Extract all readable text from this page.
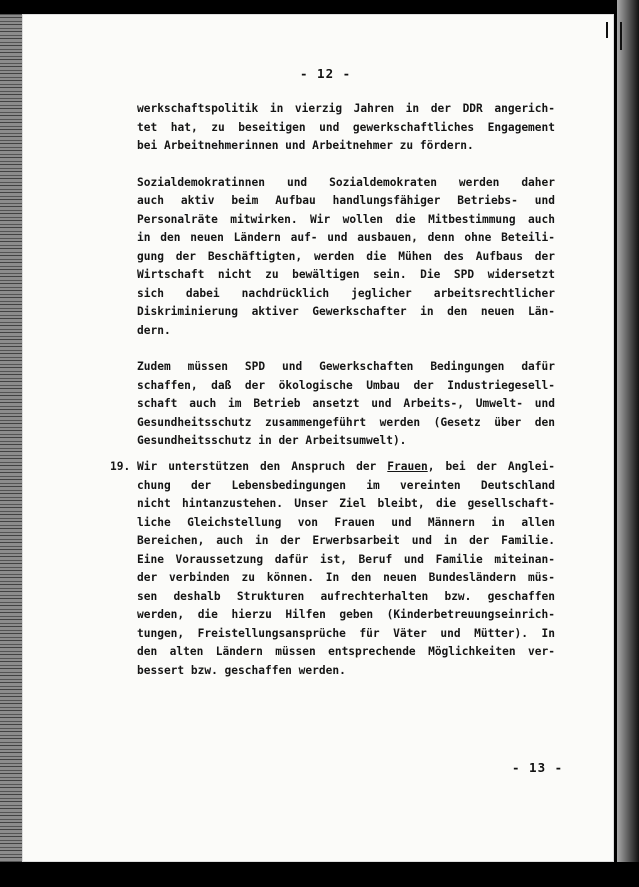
- 12 -

werkschaftspolitik in vierzig Jahren in der DDR angerich-
tet hat, zu beseitigen und gewerkschaftliches Engagement
bei Arbeitnehmerinnen und Arbeitnehmer zu fördern.

Sozialdemokratinnen und Sozialdemokraten werden daher
auch aktiv beim Aufbau handlungsfähiger Betriebs- und
Personalräte mitwirken. Wir wollen die Mitbestimmung auch
in den neuen Ländern auf- und ausbauen, denn ohne Beteili-
gung der Beschäftigten, werden die Mühen des Aufbaus der
Wirtschaft nicht zu bewältigen sein. Die SPD widersetzt
sich dabei nachdrücklich jeglicher arbeitsrechtlicher
Diskriminierung aktiver Gewerkschafter in den neuen Län-
dern.

Zudem müssen SPD und Gewerkschaften Bedingungen dafür
schaffen, daß der ökologische Umbau der Industriegesell-
schaft auch im Betrieb ansetzt und Arbeits-, Umwelt- und
Gesundheitsschutz zusammengeführt werden (Gesetz über den
Gesundheitsschutz in der Arbeitsumwelt).

19. Wir unterstützen den Anspruch der Frauen, bei der Anglei-
chung der Lebensbedingungen im vereinten Deutschland
nicht hintanzustehen. Unser Ziel bleibt, die gesellschaft-
liche Gleichstellung von Frauen und Männern in allen
Bereichen, auch in der Erwerbsarbeit und in der Familie.
Eine Voraussetzung dafür ist, Beruf und Familie miteinan-
der verbinden zu können. In den neuen Bundesländern müs-
sen deshalb Strukturen aufrechterhalten bzw. geschaffen
werden, die hierzu Hilfen geben (Kinderbetreuungseinrich-
tungen, Freistellungsansprüche für Väter und Mütter). In
den alten Ländern müssen entsprechende Möglichkeiten ver-
bessert bzw. geschaffen werden.
- 13 -
